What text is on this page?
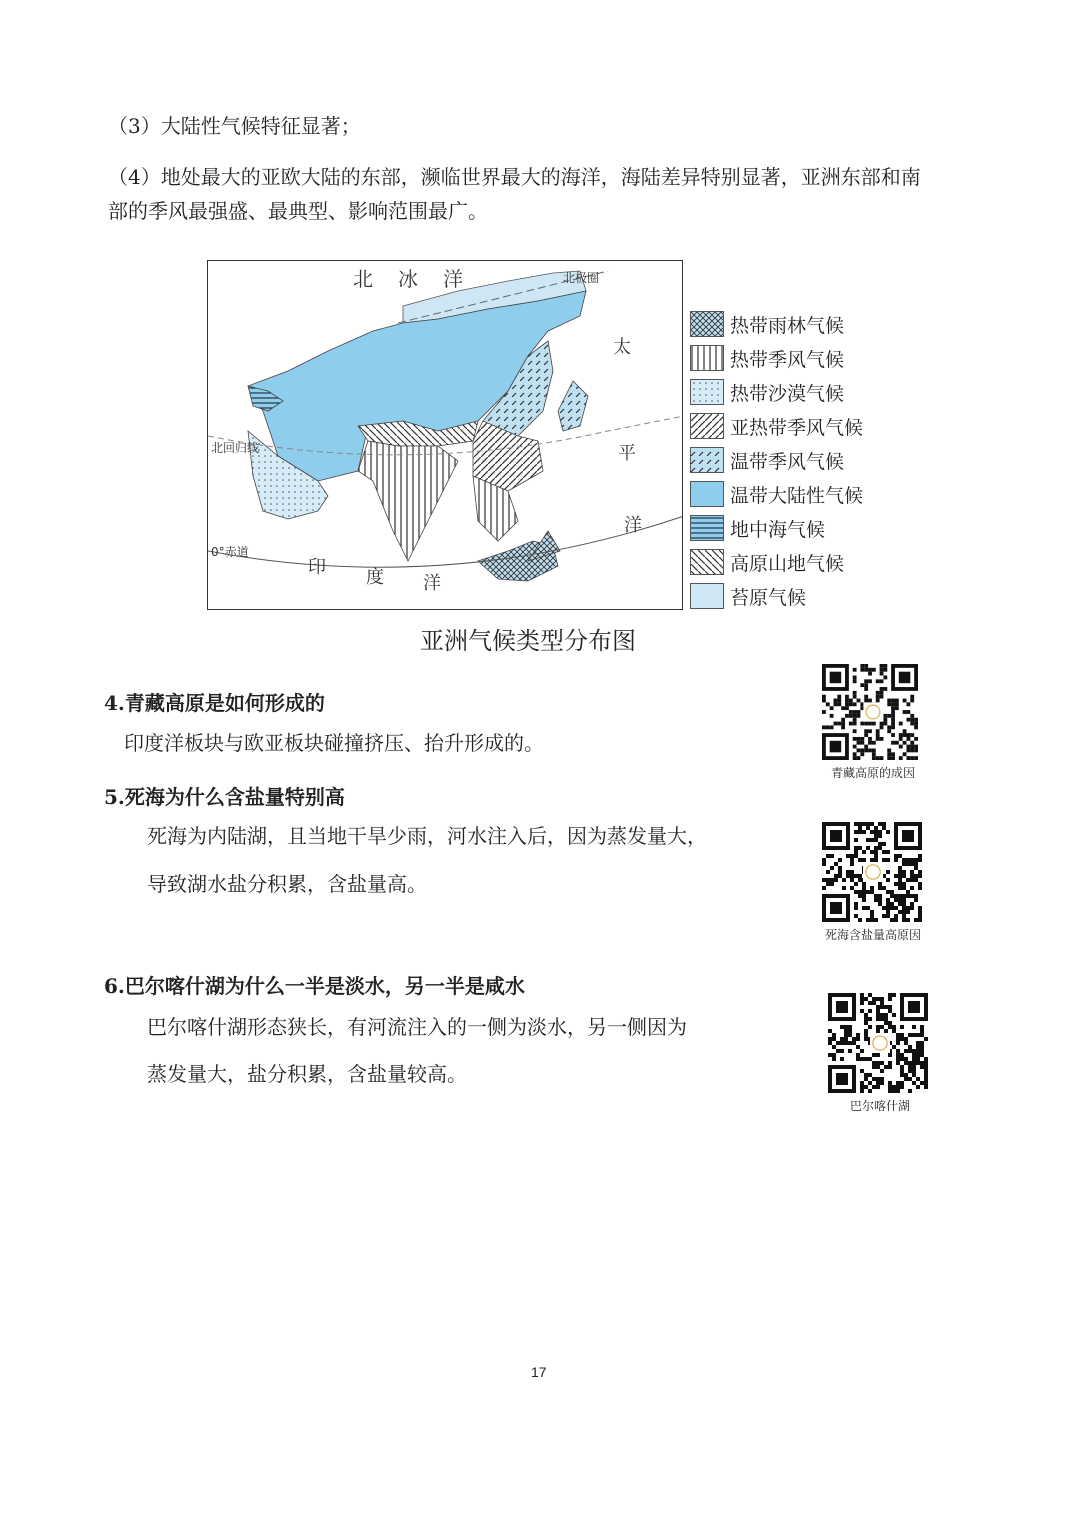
（3）大陆性气候特征显著；
（4）地处最大的亚欧大陆的东部，濒临世界最大的海洋，海陆差异特别显著，亚洲东部和南
部的季风最强盛、最典型、影响范围最广。
北极圈
北 冰 洋
太
平
洋
印 度 洋
北回归线
0°赤道
热带雨林气候
热带季风气候
热带沙漠气候
亚热带季风气候
温带季风气候
温带大陆性气候
地中海气候
高原山地气候
苔原气候
亚洲气候类型分布图
4.青藏高原是如何形成的
印度洋板块与欧亚板块碰撞挤压、抬升形成的。
5.死海为什么含盐量特别高
死海为内陆湖，且当地干旱少雨，河水注入后，因为蒸发量大，
导致湖水盐分积累，含盐量高。
6.巴尔喀什湖为什么一半是淡水，另一半是咸水
巴尔喀什湖形态狭长，有河流注入的一侧为淡水，另一侧因为
蒸发量大，盐分积累，含盐量较高。
青藏高原的成因
死海含盐量高原因
巴尔喀什湖
17
